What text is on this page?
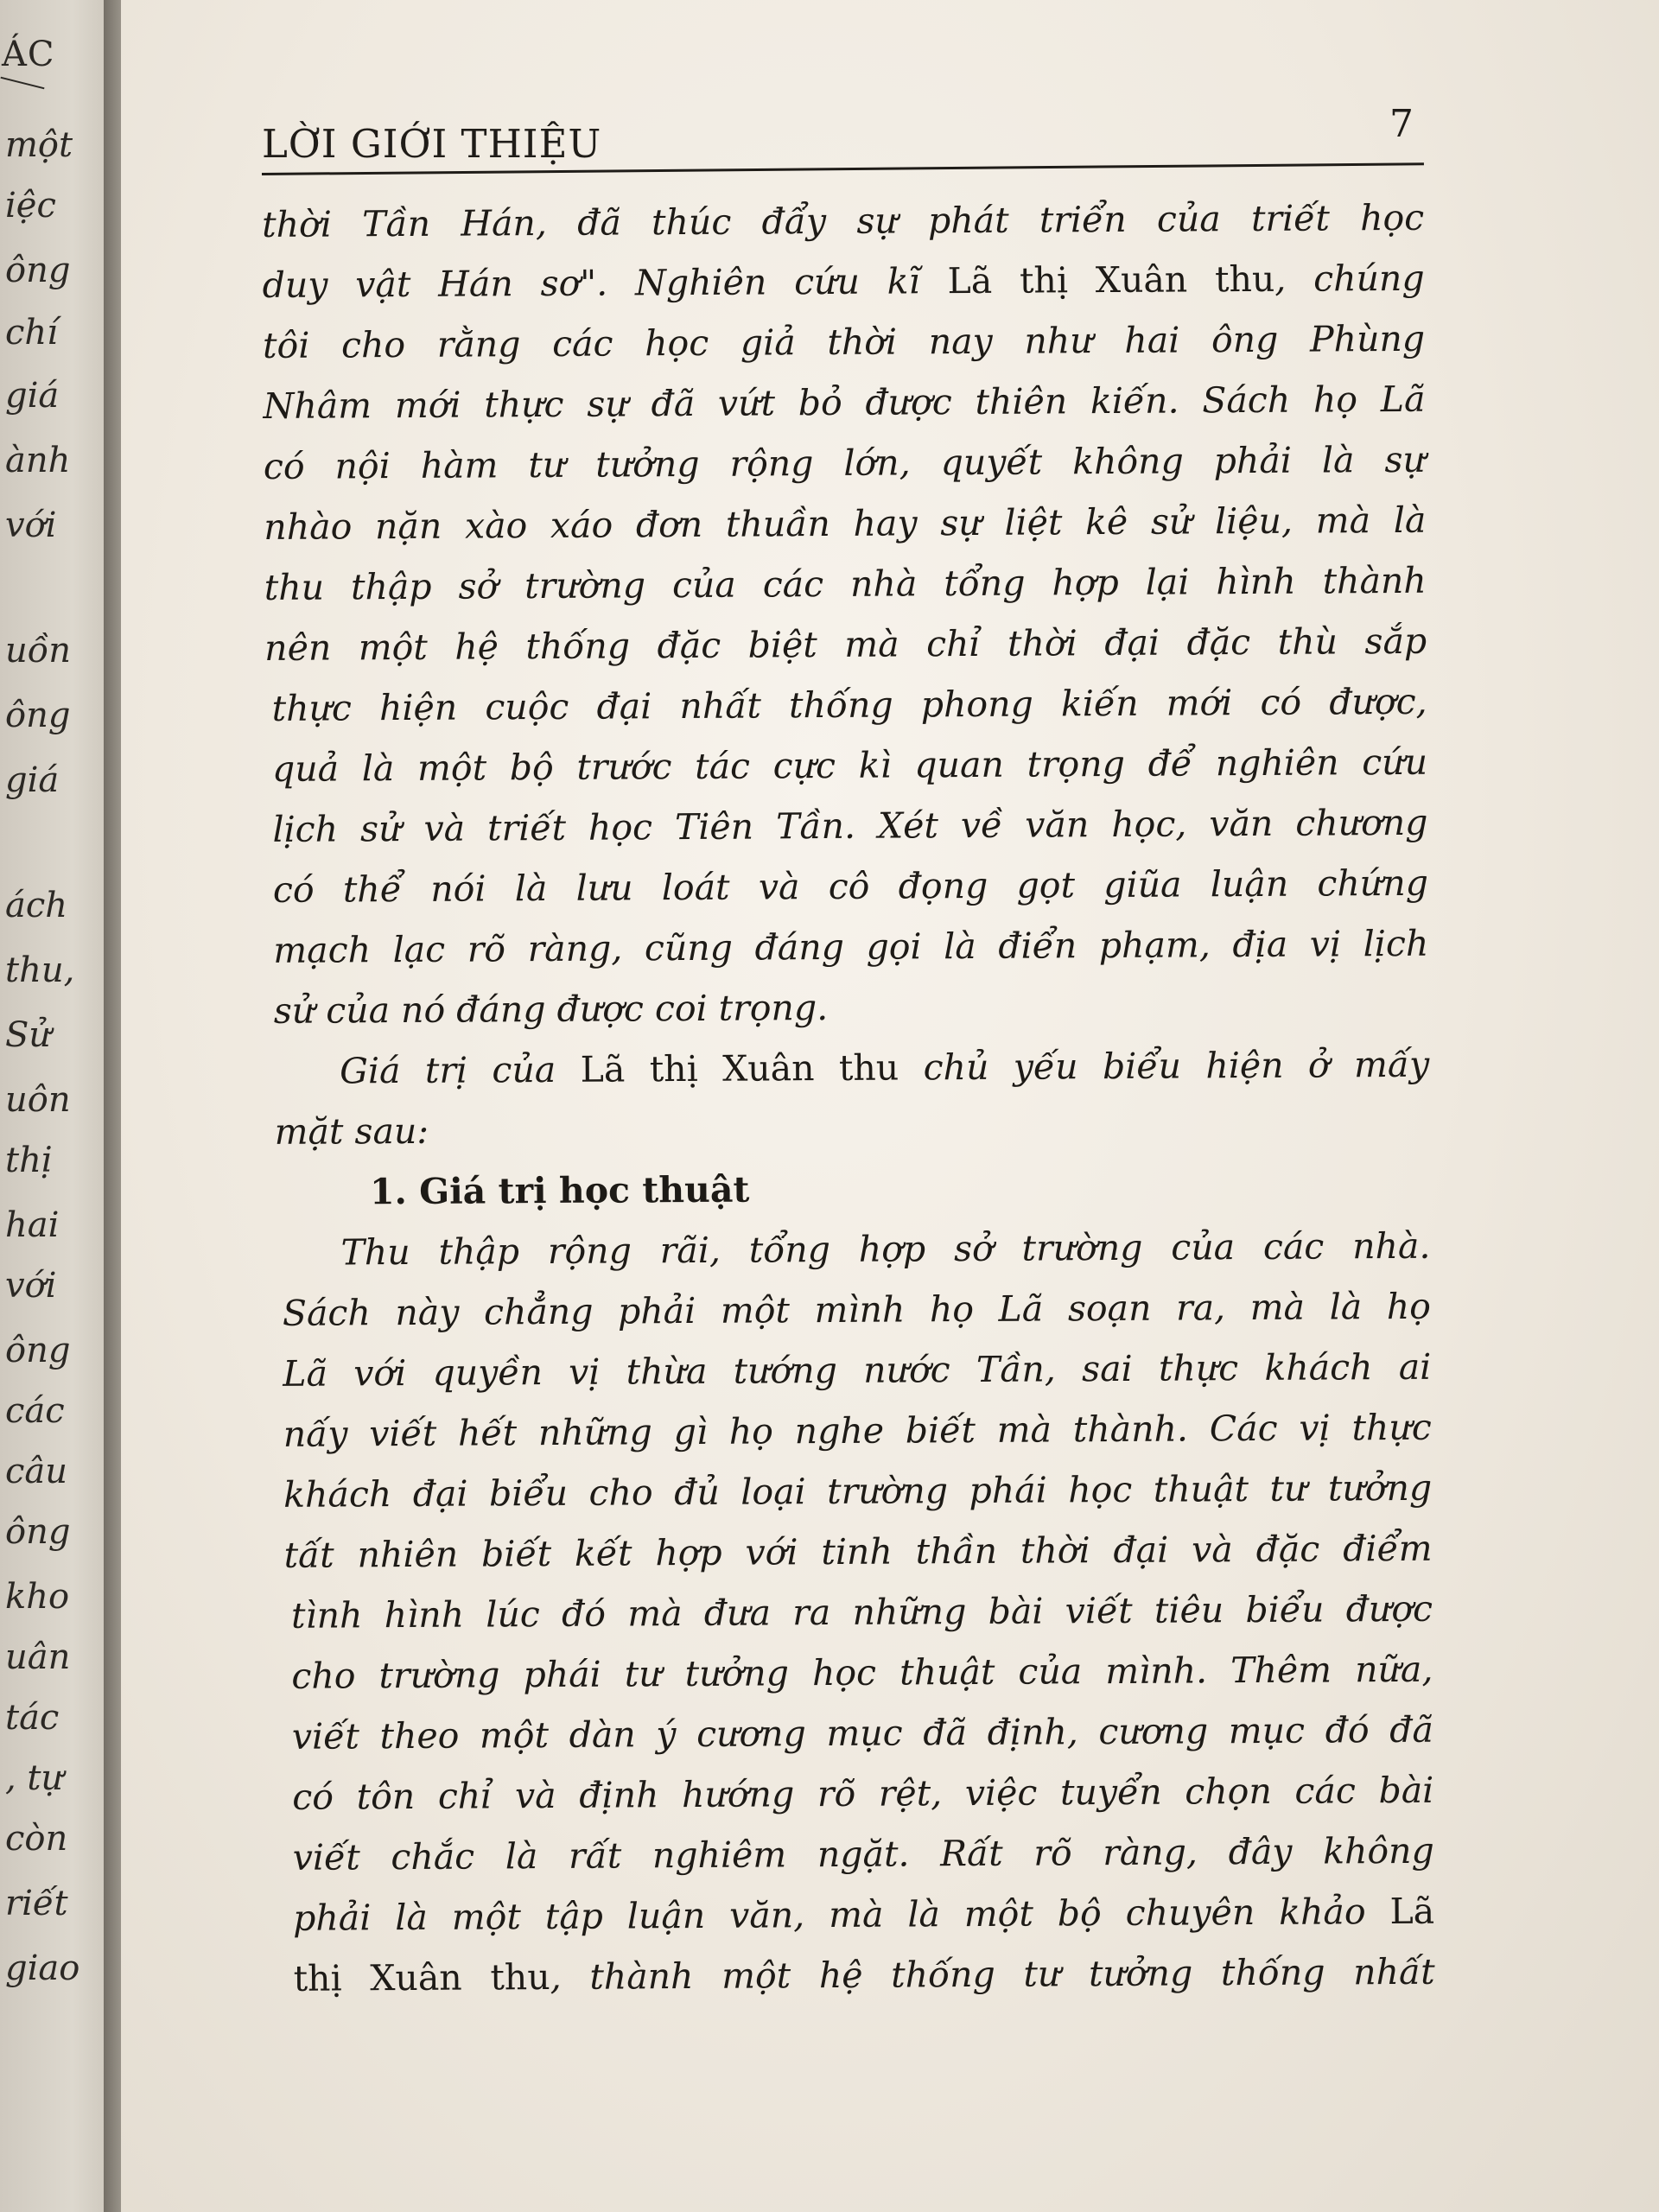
ÁC
một
iệc
ông
chí
giá
ành
với
uồn
ông
giá
ách
thu,
Sử
uôn
thị
hai
với
ông
các
câu
ông
kho
uân
tác
, tự
còn
riết
giao
LỜI GIỚI THIỆU	7
thời Tần Hán, đã thúc đẩy sự phát triển của triết học
duy vật Hán sơ". Nghiên cứu kĩ Lã thị Xuân thu, chúng
tôi cho rằng các học giả thời nay như hai ông Phùng
Nhâm mới thực sự đã vứt bỏ được thiên kiến. Sách họ Lã
có nội hàm tư tưởng rộng lớn, quyết không phải là sự
nhào nặn xào xáo đơn thuần hay sự liệt kê sử liệu, mà là
thu thập sở trường của các nhà tổng hợp lại hình thành
nên một hệ thống đặc biệt mà chỉ thời đại đặc thù sắp
thực hiện cuộc đại nhất thống phong kiến mới có được,
quả là một bộ trước tác cực kì quan trọng để nghiên cứu
lịch sử và triết học Tiên Tần. Xét về văn học, văn chương
có thể nói là lưu loát và cô đọng gọt giũa luận chứng
mạch lạc rõ ràng, cũng đáng gọi là điển phạm, địa vị lịch
sử của nó đáng được coi trọng.
Giá trị của Lã thị Xuân thu chủ yếu biểu hiện ở mấy
mặt sau:
1. Giá trị học thuật
Thu thập rộng rãi, tổng hợp sở trường của các nhà.
Sách này chẳng phải một mình họ Lã soạn ra, mà là họ
Lã với quyền vị thừa tướng nước Tần, sai thực khách ai
nấy viết hết những gì họ nghe biết mà thành. Các vị thực
khách đại biểu cho đủ loại trường phái học thuật tư tưởng
tất nhiên biết kết hợp với tinh thần thời đại và đặc điểm
tình hình lúc đó mà đưa ra những bài viết tiêu biểu được
cho trường phái tư tưởng học thuật của mình. Thêm nữa,
viết theo một dàn ý cương mục đã định, cương mục đó đã
có tôn chỉ và định hướng rõ rệt, việc tuyển chọn các bài
viết chắc là rất nghiêm ngặt. Rất rõ ràng, đây không
phải là một tập luận văn, mà là một bộ chuyên khảo Lã
thị Xuân thu, thành một hệ thống tư tưởng thống nhất
